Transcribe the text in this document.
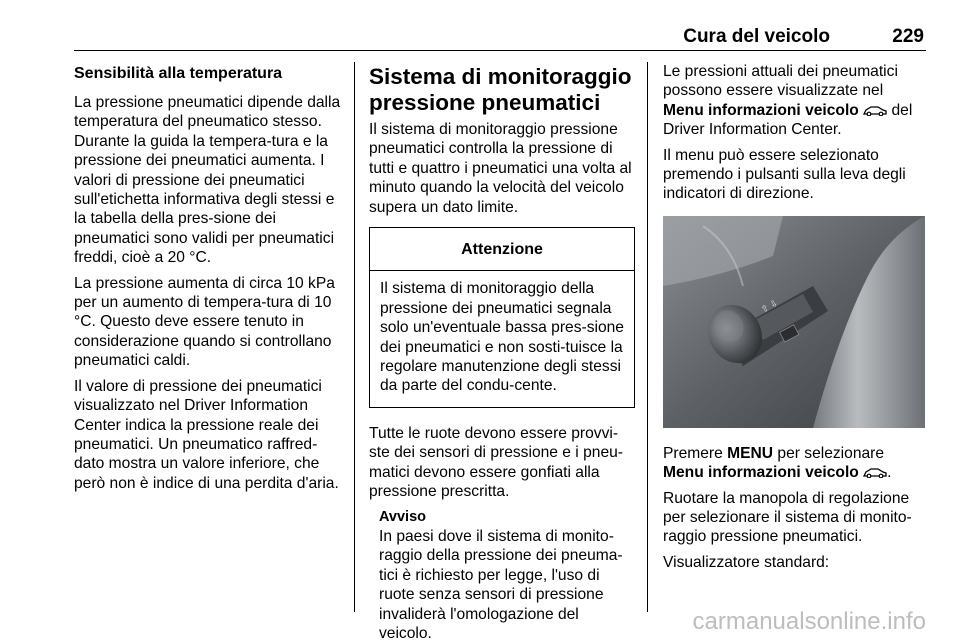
Cura del veicolo	229
Sensibilità alla temperatura

La pressione pneumatici dipende dalla temperatura del pneumatico stesso. Durante la guida la tempera-tura e la pressione dei pneumatici aumenta. I valori di pressione dei pneumatici sull'etichetta informativa degli stessi e la tabella della pres-sione dei pneumatici sono validi per pneumatici freddi, cioè a 20 °C.

La pressione aumenta di circa 10 kPa per un aumento di tempera-tura di 10 °C. Questo deve essere tenuto in considerazione quando si controllano pneumatici caldi.

Il valore di pressione dei pneumatici visualizzato nel Driver Information Center indica la pressione reale dei pneumatici. Un pneumatico raffred-dato mostra un valore inferiore, che però non è indice di una perdita d'aria.

Sistema di monitoraggio pressione pneumatici

Il sistema di monitoraggio pressione pneumatici controlla la pressione di tutti e quattro i pneumatici una volta al minuto quando la velocità del veicolo supera un dato limite.

Attenzione
Il sistema di monitoraggio della pressione dei pneumatici segnala solo un'eventuale bassa pres-sione dei pneumatici e non sosti-tuisce la regolare manutenzione degli stessi da parte del condu-cente.

Tutte le ruote devono essere provvi-ste dei sensori di pressione e i pneu-matici devono essere gonfiati alla pressione prescritta.

Avviso
In paesi dove il sistema di monito-raggio della pressione dei pneuma-tici è richiesto per legge, l'uso di ruote senza sensori di pressione invaliderà l'omologazione del veicolo.

Le pressioni attuali dei pneumatici possono essere visualizzate nel Menu informazioni veicolo del Driver Information Center.

Il menu può essere selezionato premendo i pulsanti sulla leva degli indicatori di direzione.

⇧ ⇩

Premere MENU per selezionare Menu informazioni veicolo .

Ruotare la manopola di regolazione per selezionare il sistema di monito-raggio pressione pneumatici.

Visualizzatore standard:

carmanualsonline.info
